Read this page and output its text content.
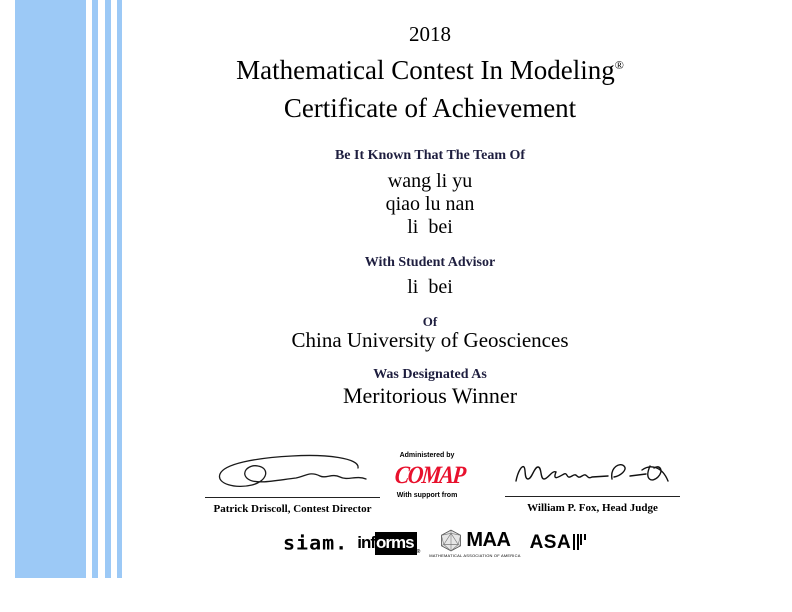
2018
Mathematical Contest In Modeling®
Certificate of Achievement
Be It Known That The Team Of
wang li yu
qiao lu nan
li  bei
With Student Advisor
li  bei
Of
China University of Geosciences
Was Designated As
Meritorious Winner
Patrick Driscoll, Contest Director
Administered by
COMAP
With support from
William P. Fox, Head Judge
siam. inf orms ®
MAA
MATHEMATICAL ASSOCIATION OF AMERICA
ASA
